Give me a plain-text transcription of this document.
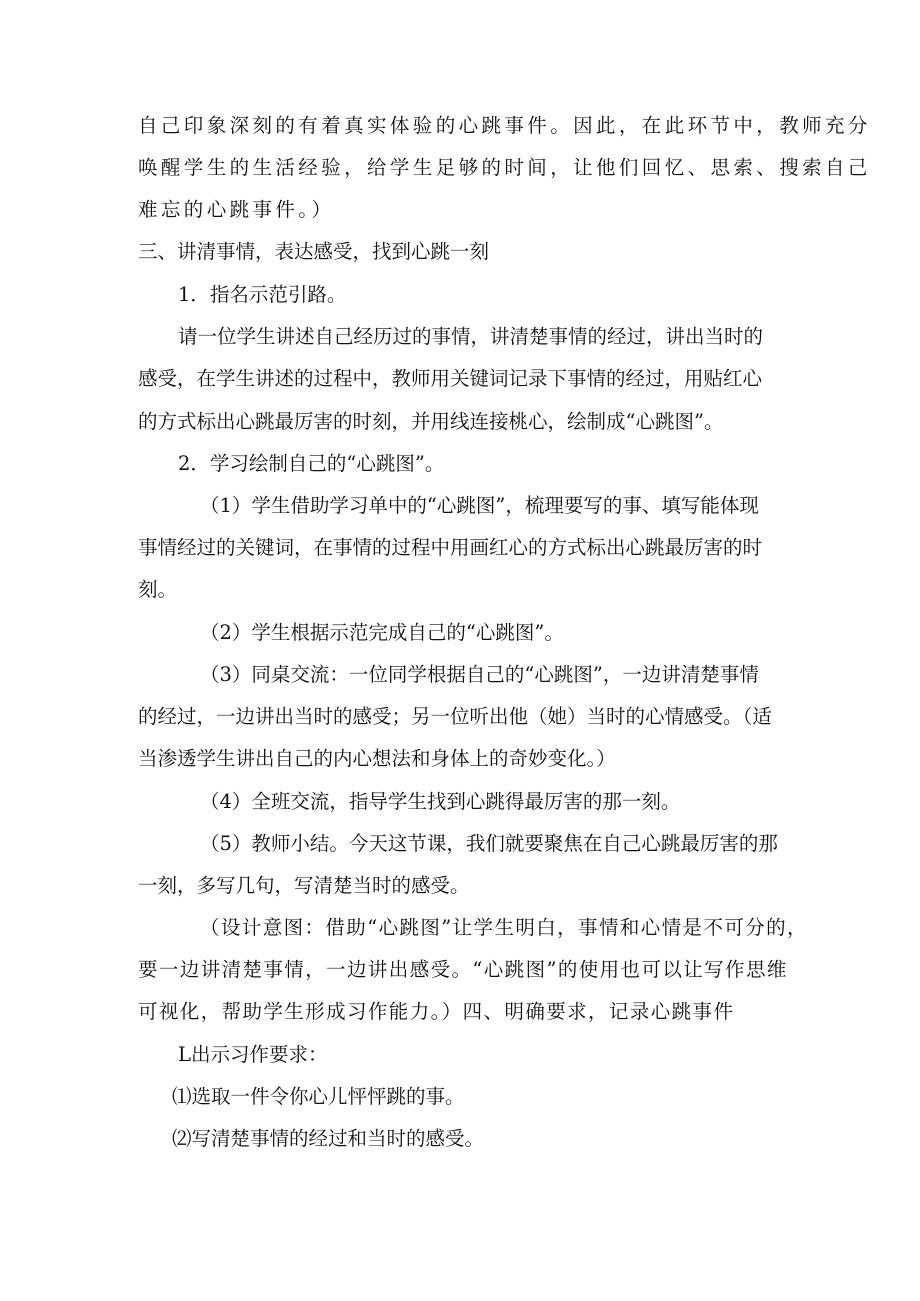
自己印象深刻的有着真实体验的心跳事件。因此，在此环节中，教师充分
唤醒学生的生活经验，给学生足够的时间，让他们回忆、思索、搜索自己
难忘的心跳事件。）
三、讲清事情，表达感受，找到心跳一刻
1．指名示范引路。
请一位学生讲述自己经历过的事情，讲清楚事情的经过，讲出当时的
感受，在学生讲述的过程中，教师用关键词记录下事情的经过，用贴红心
的方式标出心跳最厉害的时刻，并用线连接桃心，绘制成“心跳图”。
2．学习绘制自己的“心跳图”。
（1）学生借助学习单中的“心跳图”，梳理要写的事、填写能体现
事情经过的关键词，在事情的过程中用画红心的方式标出心跳最厉害的时
刻。
（2）学生根据示范完成自己的“心跳图”。
（3）同桌交流：一位同学根据自己的“心跳图”，一边讲清楚事情
的经过，一边讲出当时的感受；另一位听出他（她）当时的心情感受。（适
当渗透学生讲出自己的内心想法和身体上的奇妙变化。）
（4）全班交流，指导学生找到心跳得最厉害的那一刻。
（5）教师小结。今天这节课，我们就要聚焦在自己心跳最厉害的那
一刻，多写几句，写清楚当时的感受。
（设计意图：借助“心跳图”让学生明白，事情和心情是不可分的，
要一边讲清楚事情，一边讲出感受。“心跳图”的使用也可以让写作思维
可视化，帮助学生形成习作能力。）四、明确要求，记录心跳事件
L出示习作要求：
⑴选取一件令你心儿怦怦跳的事。
⑵写清楚事情的经过和当时的感受。
